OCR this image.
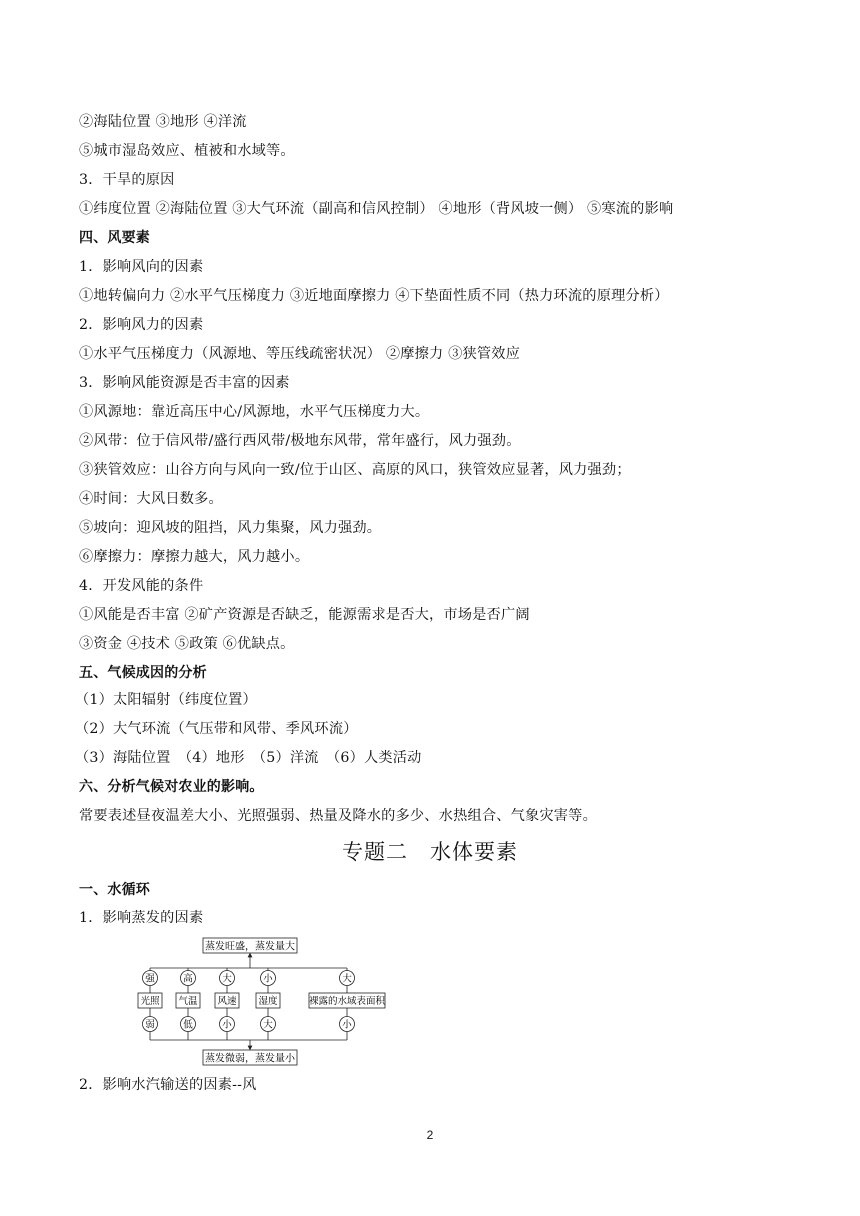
②海陆位置 ③地形 ④洋流
⑤城市湿岛效应、植被和水域等。
3．干旱的原因
①纬度位置 ②海陆位置 ③大气环流（副高和信风控制） ④地形（背风坡一侧） ⑤寒流的影响
四、风要素
1．影响风向的因素
①地转偏向力 ②水平气压梯度力 ③近地面摩擦力 ④下垫面性质不同（热力环流的原理分析）
2．影响风力的因素
①水平气压梯度力（风源地、等压线疏密状况） ②摩擦力 ③狭管效应
3．影响风能资源是否丰富的因素
①风源地：靠近高压中心/风源地，水平气压梯度力大。
②风带：位于信风带/盛行西风带/极地东风带，常年盛行，风力强劲。
③狭管效应：山谷方向与风向一致/位于山区、高原的风口，狭管效应显著，风力强劲；
④时间：大风日数多。
⑤坡向：迎风坡的阻挡，风力集聚，风力强劲。
⑥摩擦力：摩擦力越大，风力越小。
4．开发风能的条件
①风能是否丰富 ②矿产资源是否缺乏，能源需求是否大，市场是否广阔
③资金 ④技术 ⑤政策 ⑥优缺点。
五、气候成因的分析
（1）太阳辐射（纬度位置）
（2）大气环流（气压带和风带、季风环流）
（3）海陆位置　（4）地形　（5）洋流　（6）人类活动
六、分析气候对农业的影响。
常要表述昼夜温差大小、光照强弱、热量及降水的多少、水热组合、气象灾害等。
专题二 水体要素
一、水循环
1．影响蒸发的因素
蒸发旺盛，蒸发量大
蒸发微弱，蒸发量小
强
光照
弱
高
气温
低
大
风速
小
小
湿度
大
大
裸露的水域表面积
小
2．影响水汽输送的因素--风
2
